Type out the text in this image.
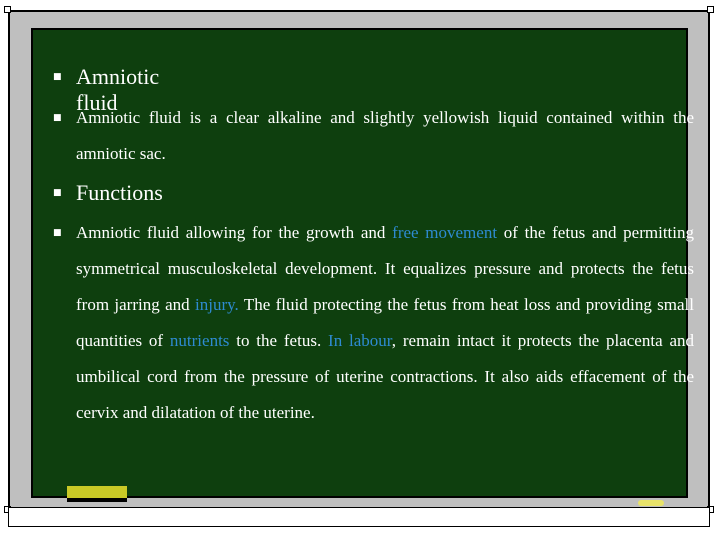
■ Amniotic fluid
■ Amniotic fluid is a clear alkaline and slightly yellowish liquid contained within the amniotic sac.
■ Functions
■ Amniotic fluid allowing for the growth and free movement of the fetus and permitting symmetrical musculoskeletal development. It equalizes pressure and protects the fetus from jarring and injury. The fluid protecting the fetus from heat loss and providing small quantities of nutrients to the fetus. In labour, remain intact it protects the placenta and umbilical cord from the pressure of uterine contractions. It also aids effacement of the cervix and dilatation of the uterine.
